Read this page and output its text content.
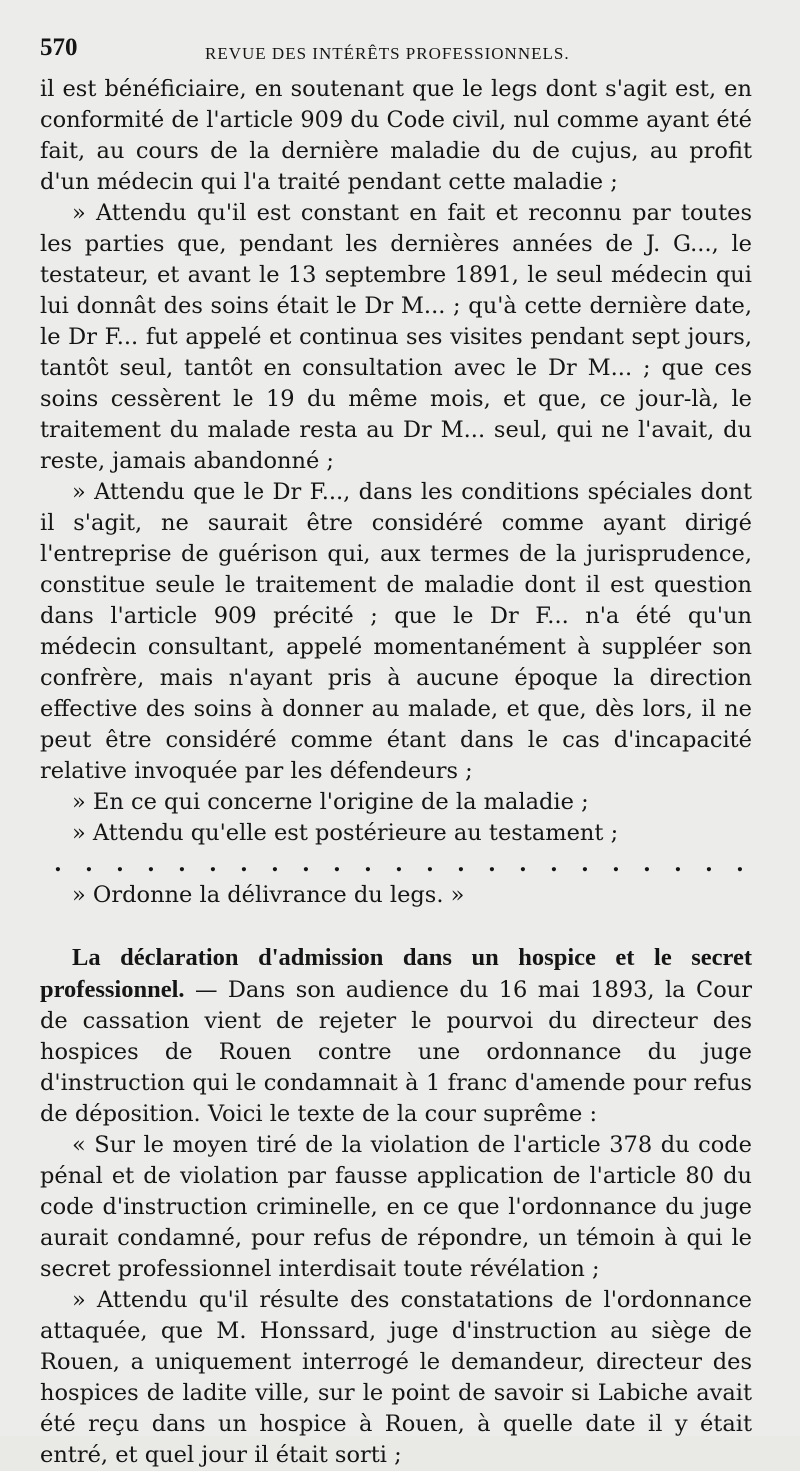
570	REVUE DES INTÉRÊTS PROFESSIONNELS.

il est bénéficiaire, en soutenant que le legs dont s'agit est, en conformité de l'article 909 du Code civil, nul comme ayant été fait, au cours de la dernière maladie du de cujus, au profit d'un médecin qui l'a traité pendant cette maladie ;

» Attendu qu'il est constant en fait et reconnu par toutes les parties que, pendant les dernières années de J. G..., le testateur, et avant le 13 septembre 1891, le seul médecin qui lui donnât des soins était le Dr M... ; qu'à cette dernière date, le Dr F... fut appelé et continua ses visites pendant sept jours, tantôt seul, tantôt en consultation avec le Dr M... ; que ces soins cessèrent le 19 du même mois, et que, ce jour-là, le traitement du malade resta au Dr M... seul, qui ne l'avait, du reste, jamais abandonné ;

» Attendu que le Dr F..., dans les conditions spéciales dont il s'agit, ne saurait être considéré comme ayant dirigé l'entreprise de guérison qui, aux termes de la jurisprudence, constitue seule le traitement de maladie dont il est question dans l'article 909 précité ; que le Dr F... n'a été qu'un médecin consultant, appelé momentanément à suppléer son confrère, mais n'ayant pris à aucune époque la direction effective des soins à donner au malade, et que, dès lors, il ne peut être considéré comme étant dans le cas d'incapacité relative invoquée par les défendeurs ;

» En ce qui concerne l'origine de la maladie ;

» Attendu qu'elle est postérieure au testament ;

. . . . . . . . . . . . . . . . . . . . . . .

» Ordonne la délivrance du legs. »

La déclaration d'admission dans un hospice et le secret professionnel. — Dans son audience du 16 mai 1893, la Cour de cassation vient de rejeter le pourvoi du directeur des hospices de Rouen contre une ordonnance du juge d'instruction qui le condamnait à 1 franc d'amende pour refus de déposition. Voici le texte de la cour suprême :

« Sur le moyen tiré de la violation de l'article 378 du code pénal et de violation par fausse application de l'article 80 du code d'instruction criminelle, en ce que l'ordonnance du juge aurait condamné, pour refus de répondre, un témoin à qui le secret professionnel interdisait toute révélation ;

» Attendu qu'il résulte des constatations de l'ordonnance attaquée, que M. Honssard, juge d'instruction au siège de Rouen, a uniquement interrogé le demandeur, directeur des hospices de ladite ville, sur le point de savoir si Labiche avait été reçu dans un hospice à Rouen, à quelle date il y était entré, et quel jour il était sorti ;
